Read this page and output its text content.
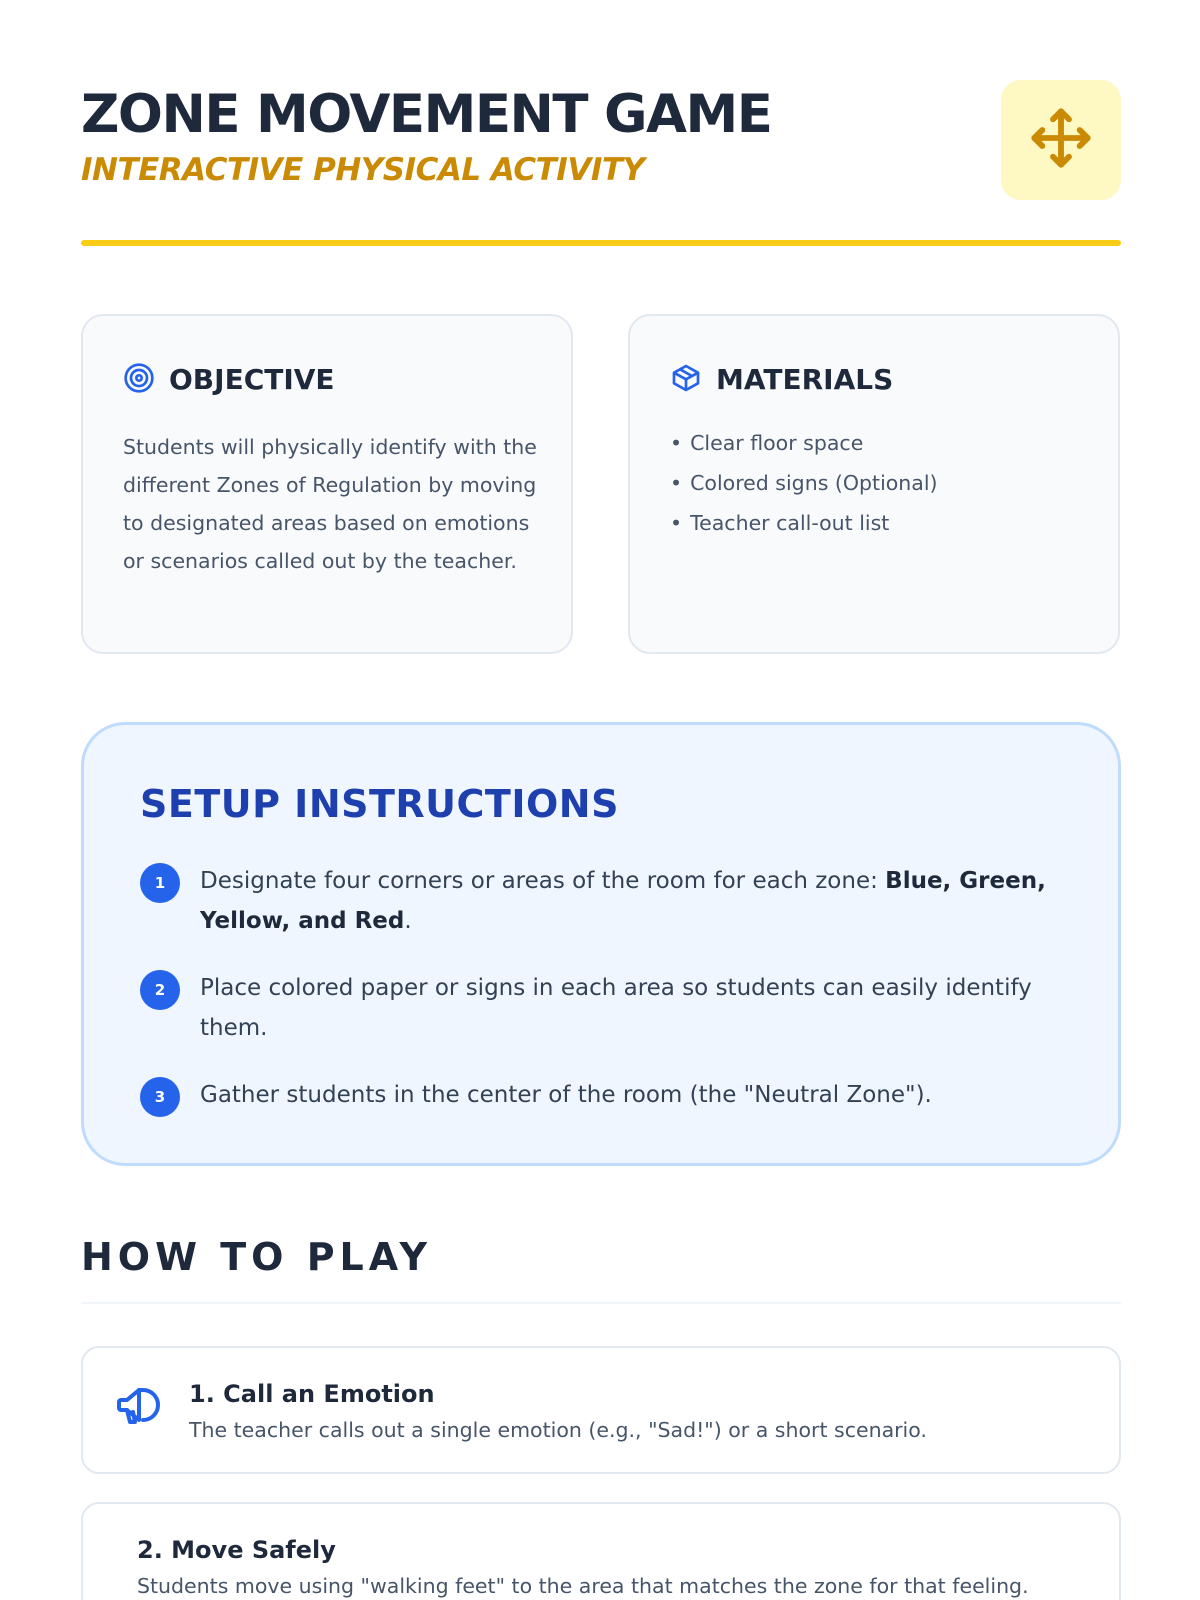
ZONE MOVEMENT GAME
INTERACTIVE PHYSICAL ACTIVITY
OBJECTIVE

Students will physically identify with the different Zones of Regulation by moving to designated areas based on emotions or scenarios called out by the teacher.

MATERIALS
• Clear floor space
• Colored signs (Optional)
• Teacher call-out list
SETUP INSTRUCTIONS
1	Designate four corners or areas of the room for each zone: Blue, Green, Yellow, and Red.

2	Place colored paper or signs in each area so students can easily identify them.

3	Gather students in the center of the room (the "Neutral Zone").

HOW TO PLAY
1. Call an Emotion
The teacher calls out a single emotion (e.g., "Sad!") or a short scenario.
2. Move Safely
Students move using "walking feet" to the area that matches the zone for that feeling.
